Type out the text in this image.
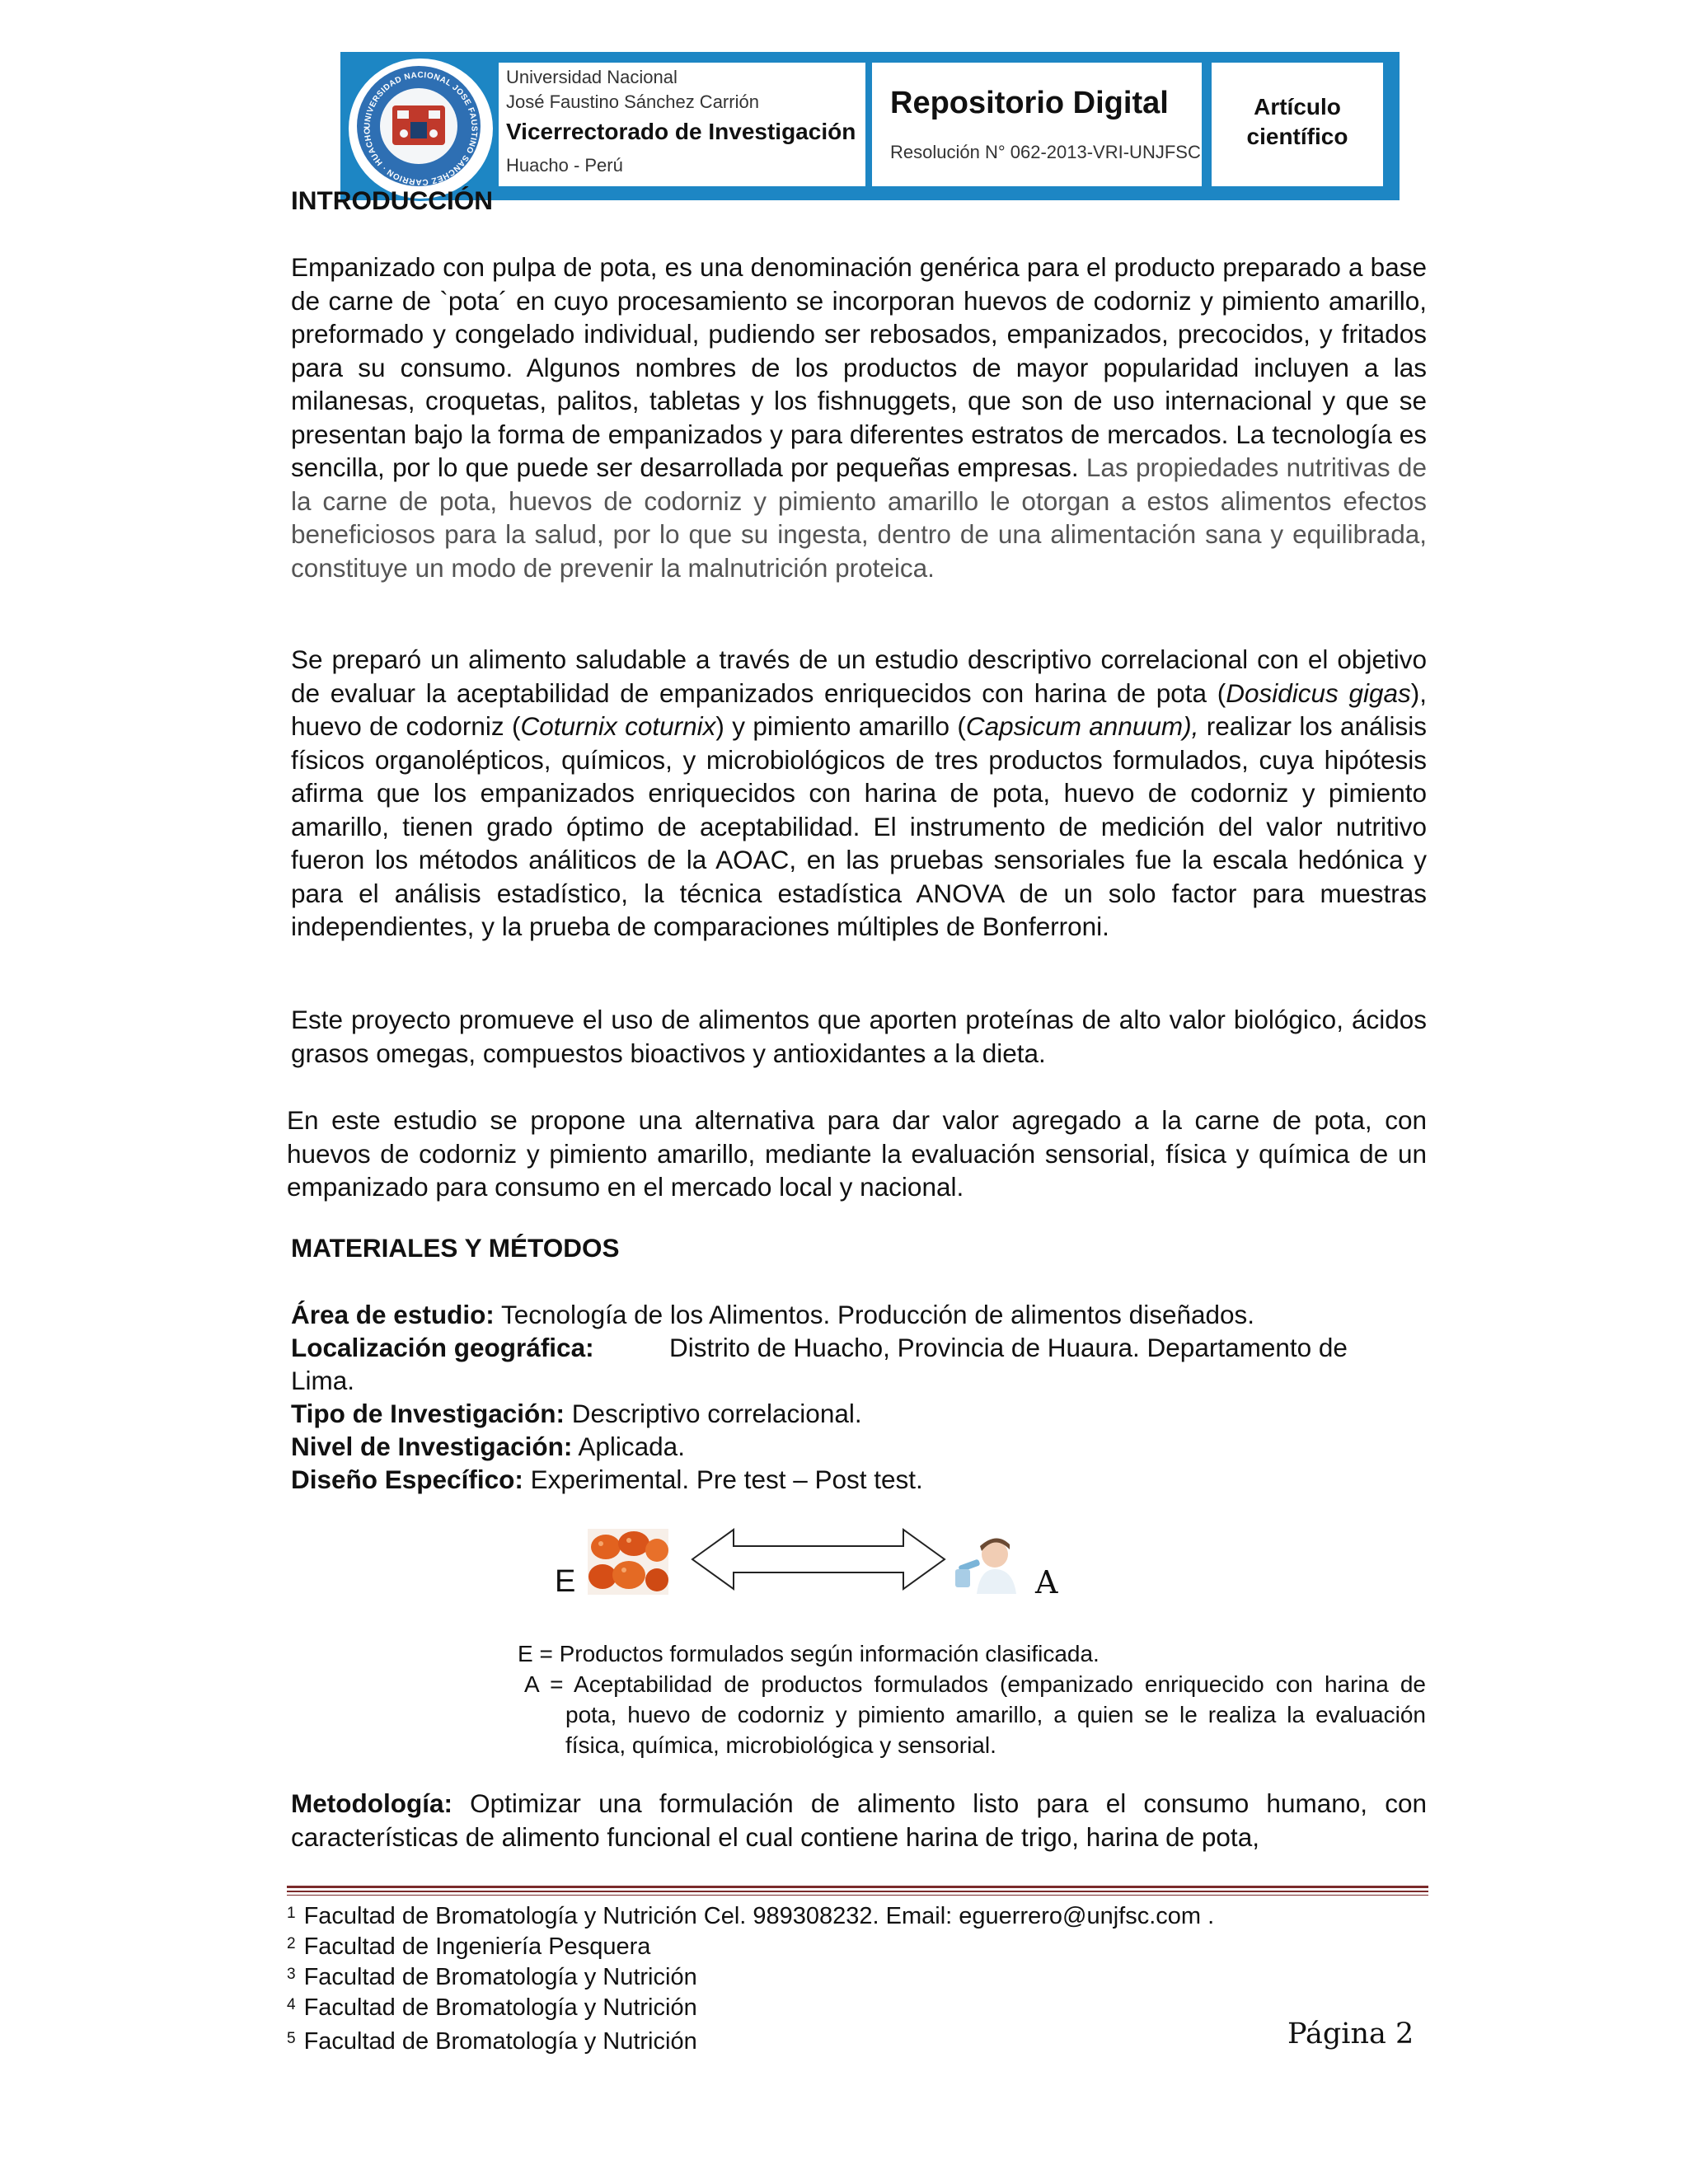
UNIVERSIDAD NACIONAL JOSE FAUSTINO SANCHEZ CARRION · HUACHO
Universidad Nacional
José Faustino Sánchez Carrión
Vicerrectorado de Investigación
Huacho - Perú
Repositorio Digital
Resolución N° 062-2013-VRI-UNJFSC
Artículo
científico
INTRODUCCIÓN
Empanizado con pulpa de pota, es una denominación genérica para el producto preparado a base de carne de `pota´ en cuyo procesamiento se incorporan huevos de codorniz y pimiento amarillo, preformado y congelado individual, pudiendo ser rebosados, empanizados, precocidos, y fritados para su consumo. Algunos nombres de los productos de mayor popularidad incluyen a las milanesas, croquetas, palitos, tabletas y los fishnuggets, que son de uso internacional y que se presentan bajo la forma de empanizados y para diferentes estratos de mercados. La tecnología es sencilla, por lo que puede ser desarrollada por pequeñas empresas. Las propiedades nutritivas de la carne de pota, huevos de codorniz y pimiento amarillo le otorgan a estos alimentos efectos beneficiosos para la salud, por lo que su ingesta, dentro de una alimentación sana y equilibrada, constituye un modo de prevenir la malnutrición proteica.
Se preparó un alimento saludable a través de un estudio descriptivo correlacional con el objetivo de evaluar la aceptabilidad de empanizados enriquecidos con harina de pota (Dosidicus gigas), huevo de codorniz (Coturnix coturnix) y pimiento amarillo (Capsicum annuum), realizar los análisis físicos organolépticos, químicos, y microbiológicos de tres productos formulados, cuya hipótesis afirma que los empanizados enriquecidos con harina de pota, huevo de codorniz y pimiento amarillo, tienen grado óptimo de aceptabilidad. El instrumento de medición del valor nutritivo fueron los métodos análiticos de la AOAC, en las pruebas sensoriales fue la escala hedónica y para el análisis estadístico, la técnica estadística ANOVA de un solo factor para muestras independientes, y la prueba de comparaciones múltiples de Bonferroni.
Este proyecto promueve el uso de alimentos que aporten proteínas de alto valor biológico, ácidos grasos omegas, compuestos bioactivos y antioxidantes a la dieta.
En este estudio se propone una alternativa para dar valor agregado a la carne de pota, con huevos de codorniz y pimiento amarillo, mediante la evaluación sensorial, física y química de un empanizado para consumo en el mercado local y nacional.
MATERIALES Y MÉTODOS
Área de estudio: Tecnología de los Alimentos. Producción de alimentos diseñados.
Localización geográfica:	Distrito de Huacho, Provincia de Huaura. Departamento de
Lima.
Tipo de Investigación: Descriptivo correlacional.
Nivel de Investigación: Aplicada.
Diseño Específico: Experimental. Pre test – Post test.
E	A
E = Productos formulados según información clasificada.
A = Aceptabilidad de productos formulados (empanizado enriquecido con harina de pota, huevo de codorniz y pimiento amarillo, a quien se le realiza la evaluación física, química, microbiológica y sensorial.
Metodología: Optimizar una formulación de alimento listo para el consumo humano, con características de alimento funcional el cual contiene harina de trigo, harina de pota,
$^1$ Facultad de Bromatología y Nutrición Cel. 989308232. Email: eguerrero@unjfsc.com .
$^2$ Facultad de Ingeniería Pesquera
$^3$ Facultad de Bromatología y Nutrición
$^4$ Facultad de Bromatología y Nutrición
$^5$ Facultad de Bromatología y Nutrición	Página 2
